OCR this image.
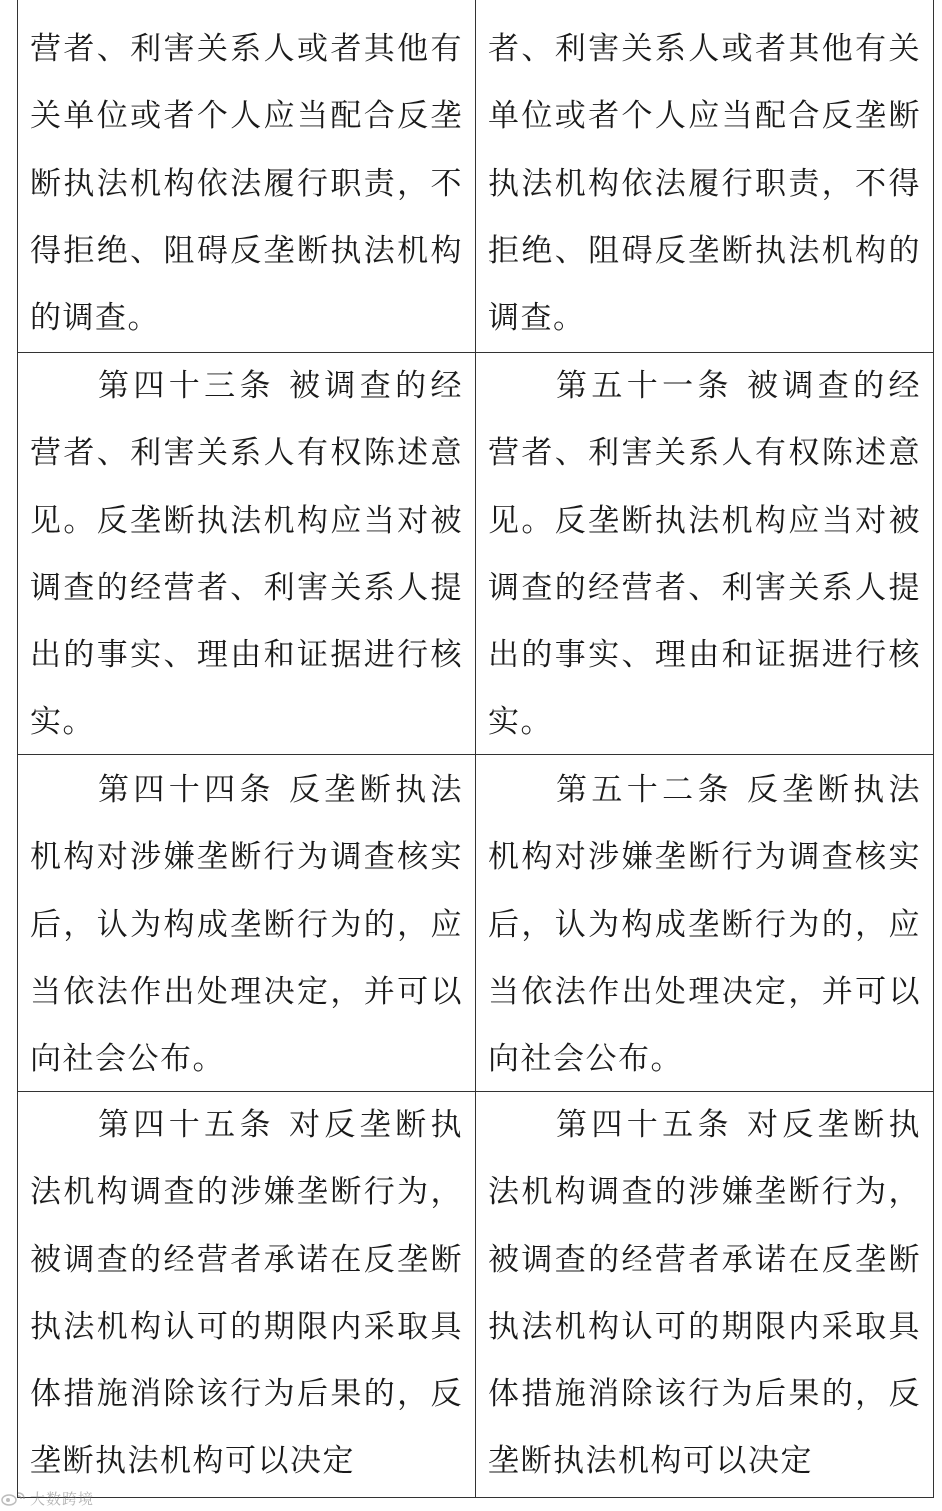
营者、利害关系人或者其他有关单位或者个人应当配合反垄断执法机构依法履行职责，不得拒绝、阻碍反垄断执法机构的调查。
者、利害关系人或者其他有关单位或者个人应当配合反垄断执法机构依法履行职责，不得拒绝、阻碍反垄断执法机构的调查。
第四十三条 被调查的经营者、利害关系人有权陈述意见。反垄断执法机构应当对被调查的经营者、利害关系人提出的事实、理由和证据进行核实。
第五十一条 被调查的经营者、利害关系人有权陈述意见。反垄断执法机构应当对被调查的经营者、利害关系人提出的事实、理由和证据进行核实。
第四十四条 反垄断执法机构对涉嫌垄断行为调查核实后，认为构成垄断行为的，应当依法作出处理决定，并可以向社会公布。
第五十二条 反垄断执法机构对涉嫌垄断行为调查核实后，认为构成垄断行为的，应当依法作出处理决定，并可以向社会公布。
第四十五条 对反垄断执法机构调查的涉嫌垄断行为，被调查的经营者承诺在反垄断执法机构认可的期限内采取具体措施消除该行为后果的，反垄断执法机构可以决定
第四十五条 对反垄断执法机构调查的涉嫌垄断行为，被调查的经营者承诺在反垄断执法机构认可的期限内采取具体措施消除该行为后果的，反垄断执法机构可以决定
大数跨境
